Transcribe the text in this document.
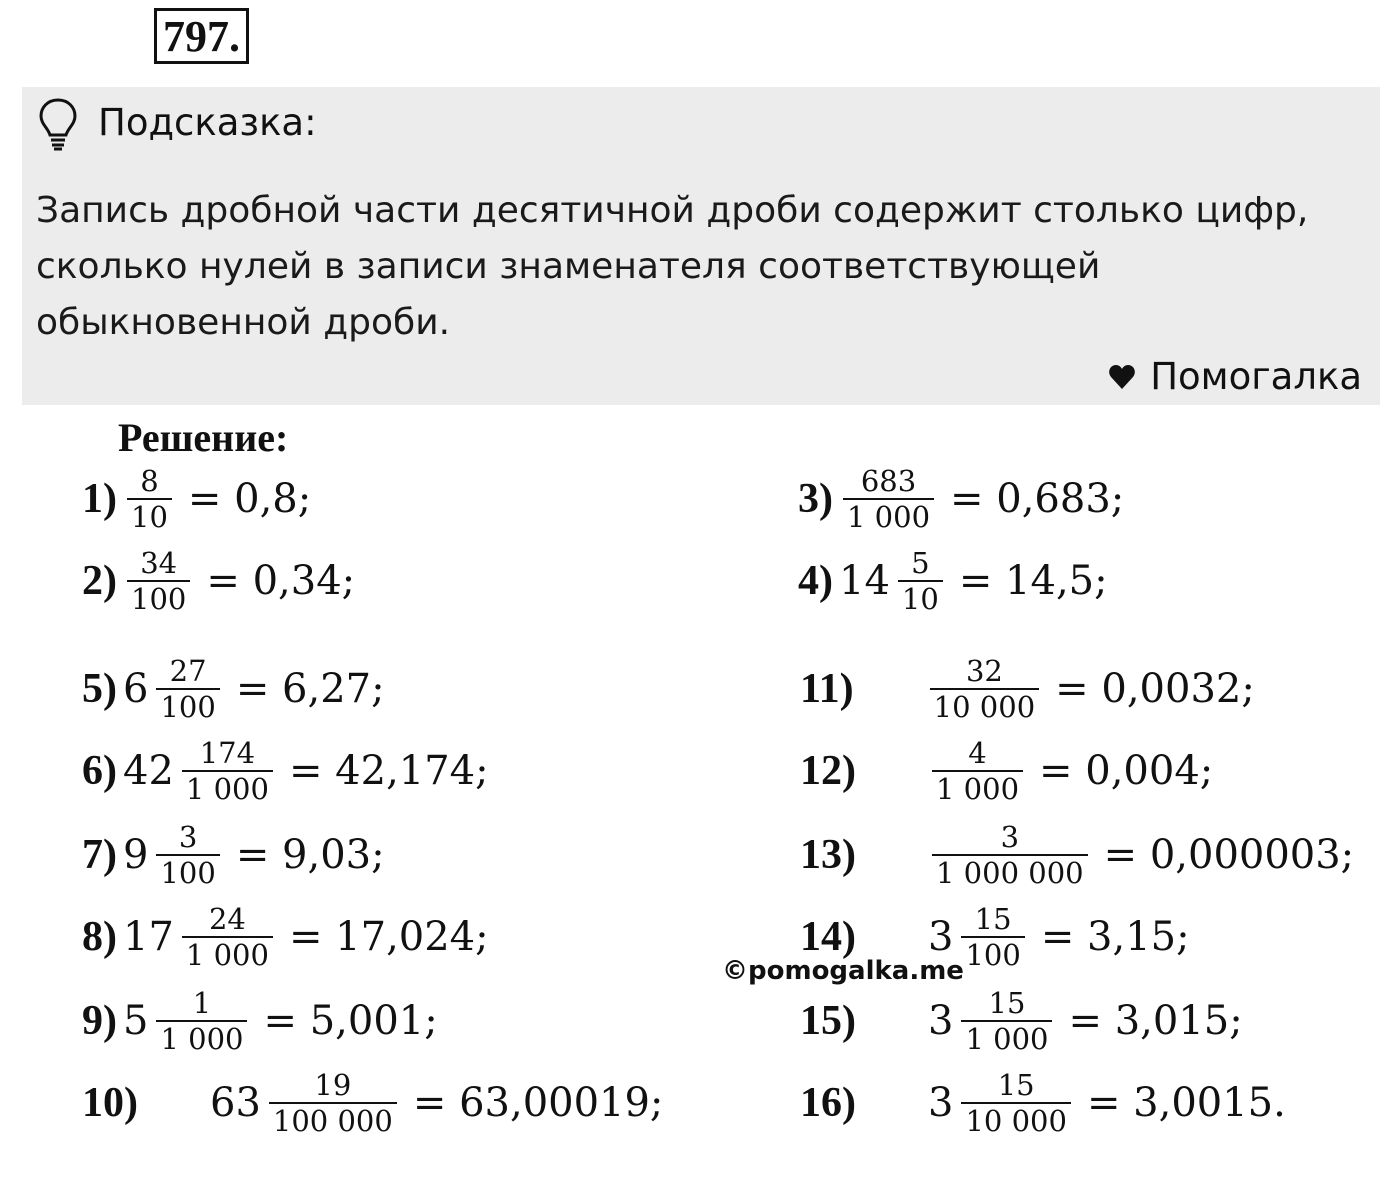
797.
Подсказка:
Запись дробной части десятичной дроби содержит столько цифр,
сколько нулей в записи знаменателя соответствующей
обыкновенной дроби.
Помогалка
Решение:
$1) \frac{8}{10} = 0,8$;
$2) \frac{34}{100} = 0,34$;
$3) \frac{683}{1 000} = 0,683$;
4) $14 \frac{5}{10} = 14,5$;
5) $6 \frac{27}{100} = 6,27$;
6) $42 \frac{174}{1 000} = 42,174$;
7) $9 \frac{3}{100} = 9,03$;
8) $17 \frac{24}{1 000} = 17,024$;
9) $5 \frac{1}{1 000} = 5,001$;
10) $63 \frac{19}{100 000} = 63,00019$;
11)	$\frac{32}{10 000} = 0,0032$;
12)	$\frac{4}{1 000} = 0,004$;
13)	$\frac{3}{1 000 000} = 0,000003$;
14) $3 \frac{15}{100} = 3,15$;
15) $3 \frac{15}{1 000} = 3,015$;
16) $3 \frac{15}{10 000} = 3,0015$.
©pomogalka.me
